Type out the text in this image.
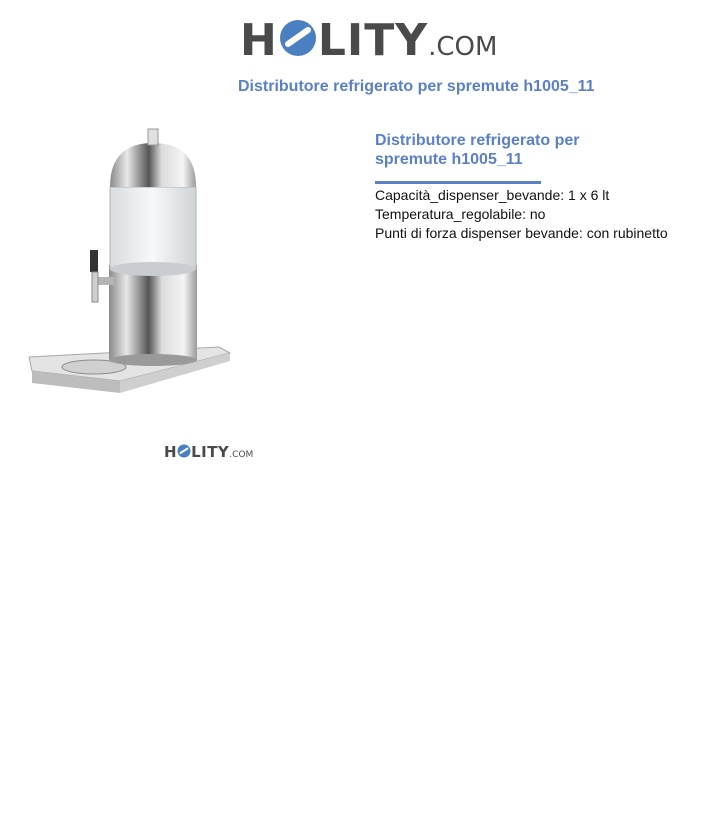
H LITY.COM
Distributore refrigerato per spremute h1005_11
H LITY.COM
Distributore refrigerato per spremute h1005_11
Capacità_dispenser_bevande: 1 x 6 lt
Temperatura_regolabile: no
Punti di forza dispenser bevande: con rubinetto
